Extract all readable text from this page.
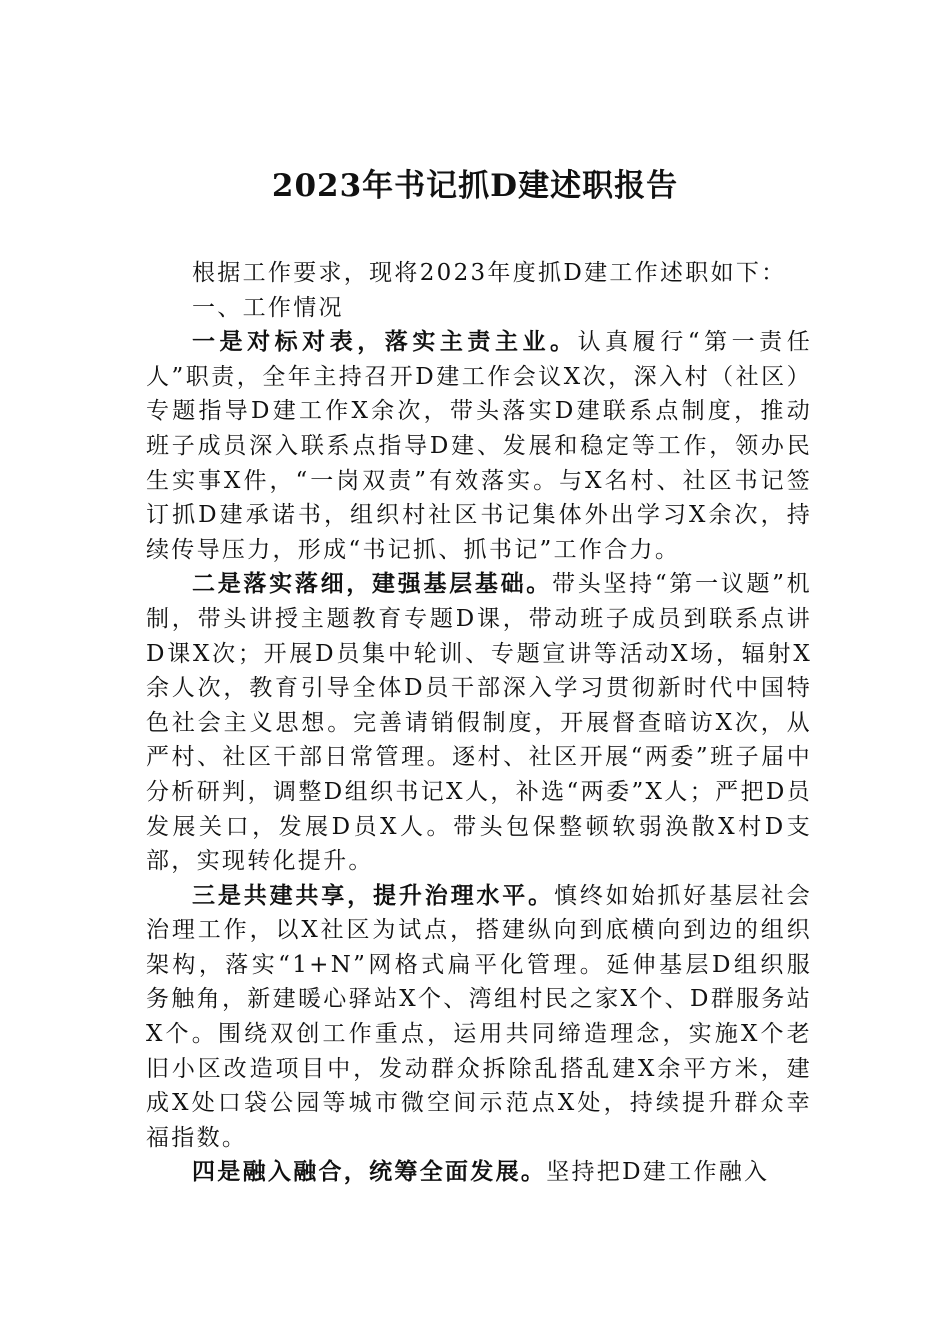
2023年书记抓D建述职报告

根据工作要求，现将2023年度抓D建工作述职如下：

一、工作情况

一是对标对表，落实主责主业。认真履行“第一责任人”职责，全年主持召开D建工作会议X次，深入村（社区）专题指导D建工作X余次，带头落实D建联系点制度，推动班子成员深入联系点指导D建、发展和稳定等工作，领办民生实事X件，“一岗双责”有效落实。与X名村、社区书记签订抓D建承诺书，组织村社区书记集体外出学习X余次，持续传导压力，形成“书记抓、抓书记”工作合力。

二是落实落细，建强基层基础。带头坚持“第一议题”机制，带头讲授主题教育专题D课，带动班子成员到联系点讲D课X次；开展D员集中轮训、专题宣讲等活动X场，辐射X余人次，教育引导全体D员干部深入学习贯彻新时代中国特色社会主义思想。完善请销假制度，开展督查暗访X次，从严村、社区干部日常管理。逐村、社区开展“两委”班子届中分析研判，调整D组织书记X人，补选“两委”X人；严把D员发展关口，发展D员X人。带头包保整顿软弱涣散X村D支部，实现转化提升。

三是共建共享，提升治理水平。慎终如始抓好基层社会治理工作，以X社区为试点，搭建纵向到底横向到边的组织架构，落实“1+N”网格式扁平化管理。延伸基层D组织服务触角，新建暖心驿站X个、湾组村民之家X个、D群服务站X个。围绕双创工作重点，运用共同缔造理念，实施X个老旧小区改造项目中，发动群众拆除乱搭乱建X余平方米，建成X处口袋公园等城市微空间示范点X处，持续提升群众幸福指数。

四是融入融合，统筹全面发展。坚持把D建工作融入
